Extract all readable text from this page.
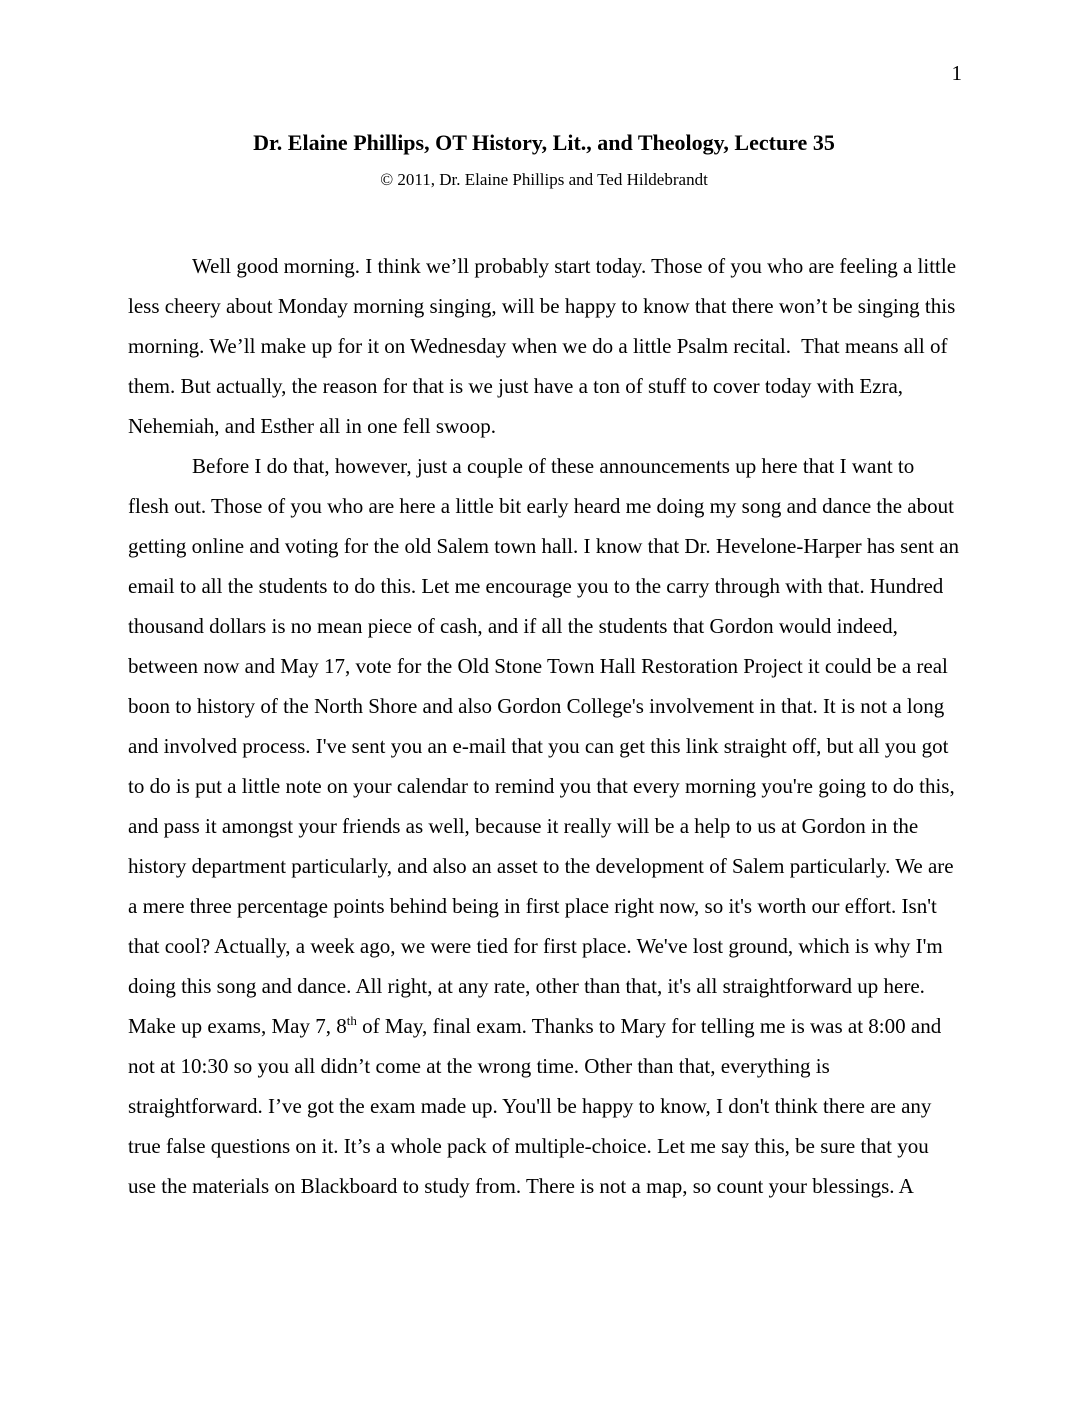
1
Dr. Elaine Phillips, OT History, Lit., and Theology, Lecture 35
© 2011, Dr. Elaine Phillips and Ted Hildebrandt

Well good morning. I think we’ll probably start today. Those of you who are feeling a little less cheery about Monday morning singing, will be happy to know that there won’t be singing this morning. We’ll make up for it on Wednesday when we do a little Psalm recital.  That means all of them. But actually, the reason for that is we just have a ton of stuff to cover today with Ezra, Nehemiah, and Esther all in one fell swoop.

Before I do that, however, just a couple of these announcements up here that I want to flesh out. Those of you who are here a little bit early heard me doing my song and dance the about getting online and voting for the old Salem town hall. I know that Dr. Hevelone-Harper has sent an email to all the students to do this. Let me encourage you to the carry through with that. Hundred thousand dollars is no mean piece of cash, and if all the students that Gordon would indeed, between now and May 17, vote for the Old Stone Town Hall Restoration Project it could be a real boon to history of the North Shore and also Gordon College's involvement in that. It is not a long and involved process. I've sent you an e-mail that you can get this link straight off, but all you got to do is put a little note on your calendar to remind you that every morning you're going to do this, and pass it amongst your friends as well, because it really will be a help to us at Gordon in the history department particularly, and also an asset to the development of Salem particularly. We are a mere three percentage points behind being in first place right now, so it's worth our effort. Isn't that cool? Actually, a week ago, we were tied for first place. We've lost ground, which is why I'm doing this song and dance. All right, at any rate, other than that, it's all straightforward up here. Make up exams, May 7, 8th of May, final exam. Thanks to Mary for telling me is was at 8:00 and not at 10:30 so you all didn’t come at the wrong time. Other than that, everything is straightforward. I’ve got the exam made up. You'll be happy to know, I don't think there are any true false questions on it. It’s a whole pack of multiple-choice. Let me say this, be sure that you use the materials on Blackboard to study from. There is not a map, so count your blessings. A
